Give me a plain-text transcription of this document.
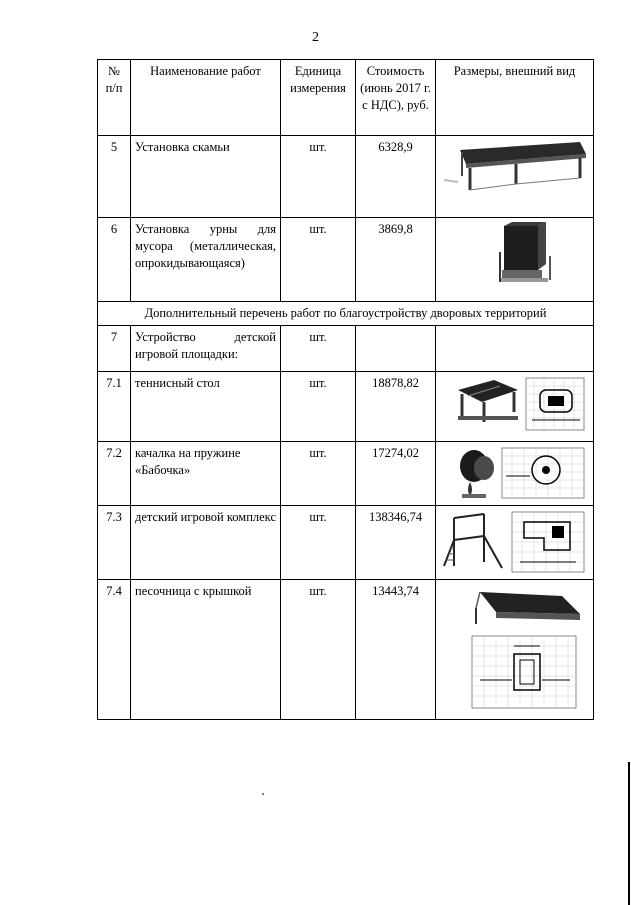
2
№ п/п	Наименование работ	Единица измерения	Стоимость (июнь 2017 г. с НДС), руб.	Размеры, внешний вид
5	Установка скамьи	шт.	6328,9	

6	Установка урны для мусора (металлическая, опрокидывающаяся)	шт.	3869,8	

Дополнительный перечень работ по благоустройству дворовых территорий				
7	Устройство детской игровой площадки:	шт.		
7.1	теннисный стол	шт.	18878,82	

7.2	качалка на пружине «Бабочка»	шт.	17274,02	

7.3	детский игровой комплекс	шт.	138346,74	

7.4	песочница с крышкой	шт.	13443,74	
